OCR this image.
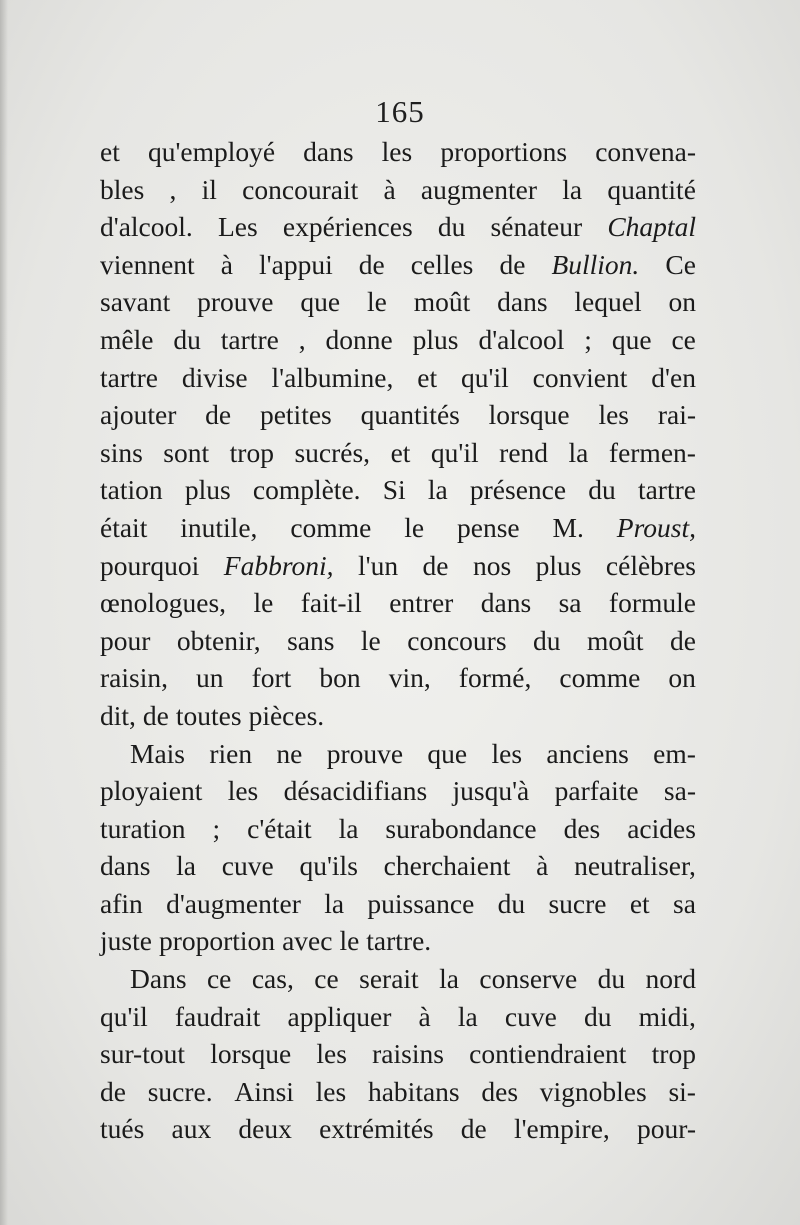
165
et qu'employé dans les proportions convena-
bles , il concourait à augmenter la quantité
d'alcool. Les expériences du sénateur Chaptal
viennent à l'appui de celles de Bullion. Ce
savant prouve que le moût dans lequel on
mêle du tartre , donne plus d'alcool ; que ce
tartre divise l'albumine, et qu'il convient d'en
ajouter de petites quantités lorsque les rai-
sins sont trop sucrés, et qu'il rend la fermen-
tation plus complète. Si la présence du tartre
était inutile, comme le pense M. Proust,
pourquoi Fabbroni, l'un de nos plus célèbres
œnologues, le fait-il entrer dans sa formule
pour obtenir, sans le concours du moût de
raisin, un fort bon vin, formé, comme on
dit, de toutes pièces.
Mais rien ne prouve que les anciens em-
ployaient les désacidifians jusqu'à parfaite sa-
turation ; c'était la surabondance des acides
dans la cuve qu'ils cherchaient à neutraliser,
afin d'augmenter la puissance du sucre et sa
juste proportion avec le tartre.
Dans ce cas, ce serait la conserve du nord
qu'il faudrait appliquer à la cuve du midi,
sur-tout lorsque les raisins contiendraient trop
de sucre. Ainsi les habitans des vignobles si-
tués aux deux extrémités de l'empire, pour-
